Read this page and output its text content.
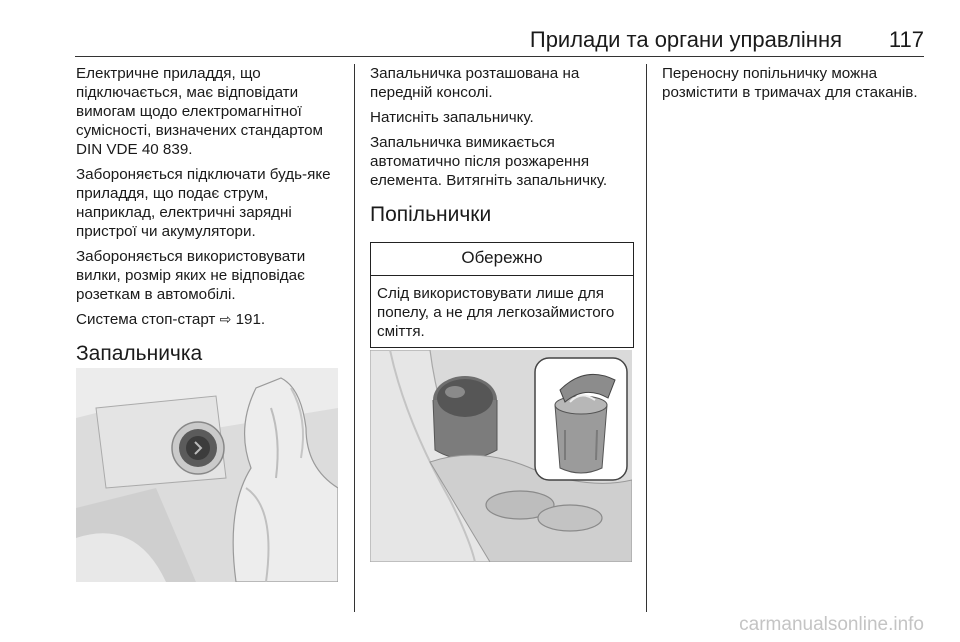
Прилади та органи управління 117

Електричне приладдя, що підключається, має відповідати вимогам щодо електромагнітної сумісності, визначених стандартом DIN VDE 40 839.

Забороняється підключати будь-яке приладдя, що подає струм, наприклад, електричні зарядні пристрої чи акумулятори.

Забороняється використовувати вилки, розмір яких не відповідає розеткам в автомобілі.

Система стоп-старт ⇨ 191.

Запальничка

Запальничка розташована на передній консолі.

Натисніть запальничку.

Запальничка вимикається автоматично після розжарення елемента. Витягніть запальничку.

Попільнички
Обережно
Слід використовувати лише для попелу, а не для легкозаймистого сміття.

Переносну попільничку можна розмістити в тримачах для стаканів.

carmanualsonline.info
